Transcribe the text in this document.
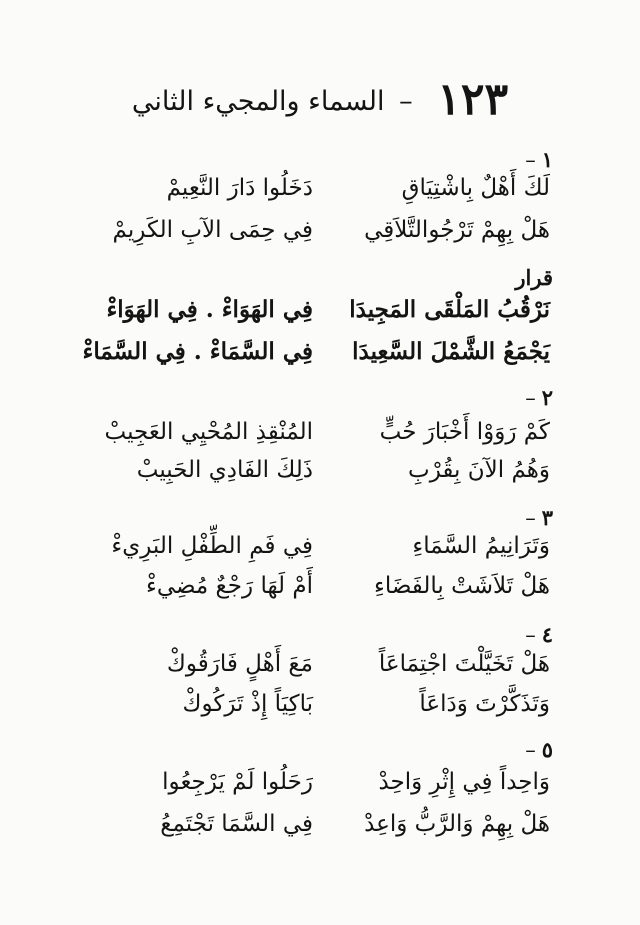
١٢٣ – السماء والمجيء الثاني
١–
لَكَ أَهْلٌ بِاشْتِيَاقِ
دَخَلُوا دَارَ النَّعِيمْ
هَلْ بِهِمْ تَرْجُوالتَّلاَقِي
فِي حِمَى الآبِ الكَرِيمْ
قرار
نَرْقُبُ المَلْقَى المَجِيدَا
فِي الهَوَاءْ . فِي الهَوَاءْ
يَجْمَعُ الشَّمْلَ السَّعِيدَا
فِي السَّمَاءْ . فِي السَّمَاءْ
٢–
كَمْ رَوَوْا أَخْبَارَ حُبٍّ
المُنْقِذِ المُحْيِي العَجِيبْ
وَهُمُ الآنَ بِقُرْبِ
ذَلِكَ الفَادِي الحَبِيبْ
٣–
وَتَرَانِيمُ السَّمَاءِ
فِي فَمِ الطِّفْلِ البَرِيءْ
هَلْ تَلاَشَتْ بِالفَضَاءِ
أَمْ لَهَا رَجْعٌ مُضِيءْ
٤–
هَلْ تَخَيَّلْتَ اجْتِمَاعَاً
مَعَ أَهْلٍ فَارَقُوكْ
وَتَذَكَّرْتَ وَدَاعَاً
بَاكِيَاً إِذْ تَرَكُوكْ
٥–
وَاحِداً فِي إِثْرِ وَاحِدْ
رَحَلُوا لَمْ يَرْجِعُوا
هَلْ بِهِمْ وَالرَّبُّ وَاعِدْ
فِي السَّمَا تَجْتَمِعُ
